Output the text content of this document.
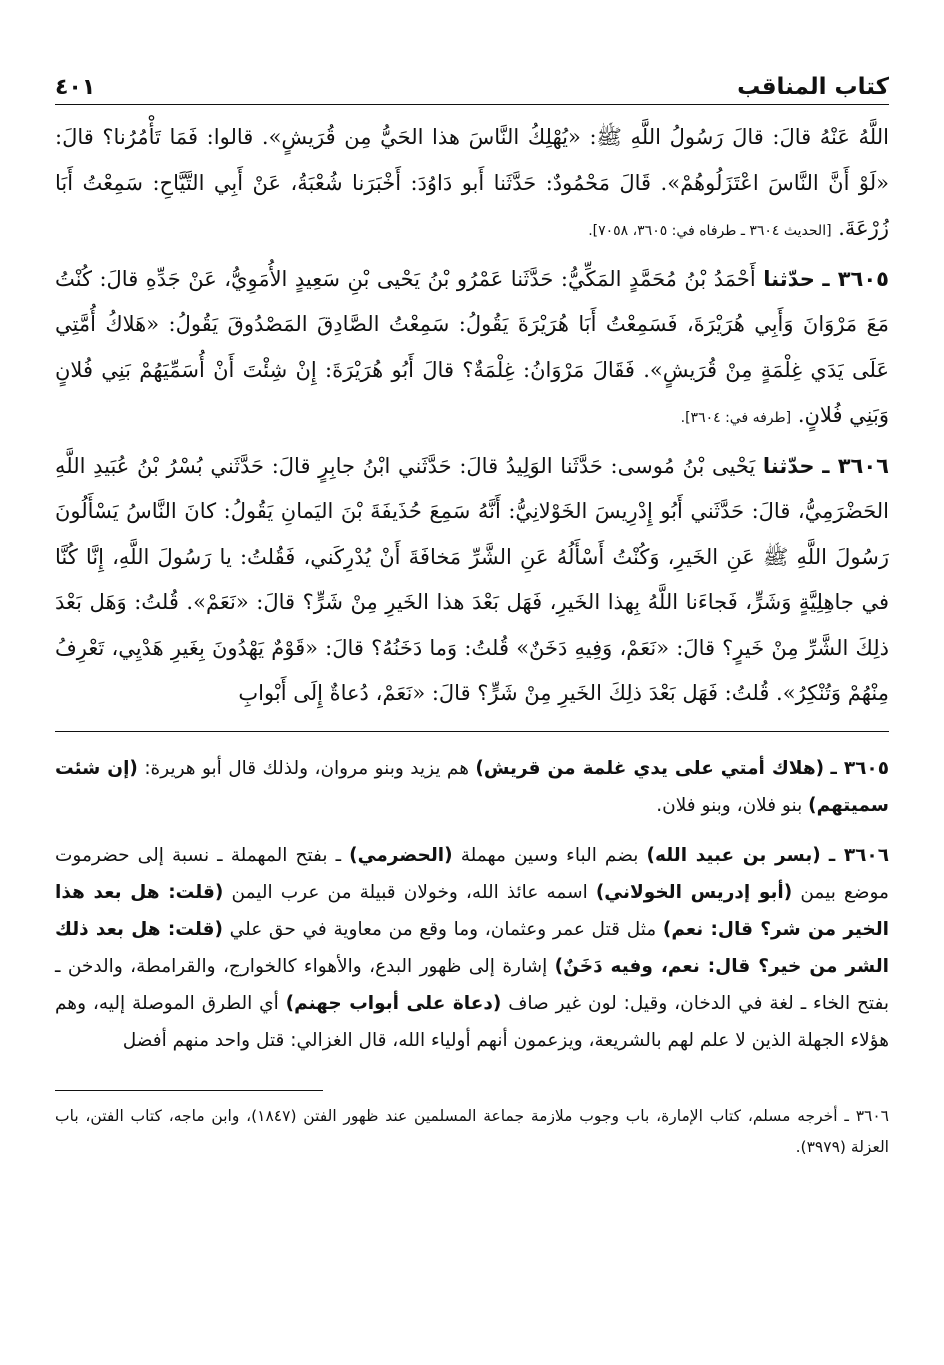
كتاب المناقب
٤٠١

اللَّهُ عَنْهُ قالَ: قالَ رَسُولُ اللَّهِ ﷺ: «يُهْلِكُ النَّاسَ هذا الحَيُّ مِن قُرَيشٍ». قالوا: فَمَا تَأْمُرُنا؟ قالَ: «لَوْ أَنَّ النَّاسَ اعْتَزَلُوهُمْ». قَالَ مَحْمُودٌ: حَدَّثَنا أَبو دَاوُدَ: أَخْبَرَنا شُعْبَةُ، عَنْ أَبِي التَّيَّاحِ: سَمِعْتُ أَبَا زُرْعَةَ. [الحديث ٣٦٠٤ ـ طرفاه في: ٣٦٠٥، ٧٠٥٨].

٣٦٠٥ ـ حدّثنا أَحْمَدُ بْنُ مُحَمَّدٍ المَكِّيُّ: حَدَّثَنا عَمْرُو بْنُ يَحْيى بْنِ سَعِيدٍ الأُمَوِيُّ، عَنْ جَدِّهِ قالَ: كُنْتُ مَعَ مَرْوَانَ وَأَبِي هُرَيْرَةَ، فَسَمِعْتُ أَبَا هُرَيْرَةَ يَقُولُ: سَمِعْتُ الصَّادِقَ المَصْدُوقَ يَقُولُ: «هَلاكُ أُمَّتِي عَلَى يَدَي غِلْمَةٍ مِنْ قُرَيشٍ». فَقَالَ مَرْوَانُ: غِلْمَةٌ؟ قالَ أَبُو هُرَيْرَةَ: إِنْ شِئْتَ أَنْ أُسَمِّيَهُمْ بَنِي فُلانٍ وَبَنِي فُلانٍ. [طرفه في: ٣٦٠٤].

٣٦٠٦ ـ حدّثنا يَحْيى بْنُ مُوسى: حَدَّثَنا الوَلِيدُ قالَ: حَدَّثَني ابْنُ جابِرٍ قالَ: حَدَّثَني بُسْرُ بْنُ عُبَيدِ اللَّهِ الحَضْرَمِيُّ، قالَ: حَدَّثَني أَبُو إِدْرِيسَ الخَوْلانِيُّ: أَنَّهُ سَمِعَ حُذَيفَةَ بْنَ اليَمانِ يَقُولُ: كانَ النَّاسُ يَسْأَلُونَ رَسُولَ اللَّهِ ﷺ عَنِ الخَيرِ، وَكُنْتُ أَسْأَلُهُ عَنِ الشَّرِّ مَخافَةَ أَنْ يُدْرِكَني، فَقُلتُ: يا رَسُولَ اللَّهِ، إِنَّا كُنَّا في جاهِلِيَّةٍ وَشَرٍّ، فَجاءَنا اللَّهُ بِهذا الخَيرِ، فَهَل بَعْدَ هذا الخَيرِ مِنْ شَرٍّ؟ قالَ: «نَعَمْ». قُلتُ: وَهَل بَعْدَ ذلِكَ الشَّرِّ مِنْ خَيرٍ؟ قالَ: «نَعَمْ، وَفِيهِ دَخَنٌ» قُلتُ: وَما دَخَنُهُ؟ قالَ: «قَوْمٌ يَهْدُونَ بِغَيرِ هَدْيِي، تَعْرِفُ مِنْهُمْ وَتُنْكِرُ». قُلتُ: فَهَل بَعْدَ ذلِكَ الخَيرِ مِنْ شَرٍّ؟ قالَ: «نَعَمْ، دُعاةٌ إِلَى أَبْوابِ

٣٦٠٥ ـ (هلاك أمتي على يدي غلمة من قريش) هم يزيد وبنو مروان، ولذلك قال أبو هريرة: (إن شئت سميتهم) بنو فلان، وبنو فلان.

٣٦٠٦ ـ (بسر بن عبيد الله) بضم الباء وسين مهملة (الحضرمي) ـ بفتح المهملة ـ نسبة إلى حضرموت موضع بيمن (أبو إدريس الخولاني) اسمه عائذ الله، وخولان قبيلة من عرب اليمن (قلت: هل بعد هذا الخير من شر؟ قال: نعم) مثل قتل عمر وعثمان، وما وقع من معاوية في حق علي (قلت: هل بعد ذلك الشر من خير؟ قال: نعم، وفيه دَخَنٌ) إشارة إلى ظهور البدع، والأهواء كالخوارج، والقرامطة، والدخن ـ بفتح الخاء ـ لغة في الدخان، وقيل: لون غير صاف (دعاة على أبواب جهنم) أي الطرق الموصلة إليه، وهم هؤلاء الجهلة الذين لا علم لهم بالشريعة، ويزعمون أنهم أولياء الله، قال الغزالي: قتل واحد منهم أفضل

٣٦٠٦ ـ أخرجه مسلم، كتاب الإمارة، باب وجوب ملازمة جماعة المسلمين عند ظهور الفتن (١٨٤٧)، وابن ماجه، كتاب الفتن، باب العزلة (٣٩٧٩).
